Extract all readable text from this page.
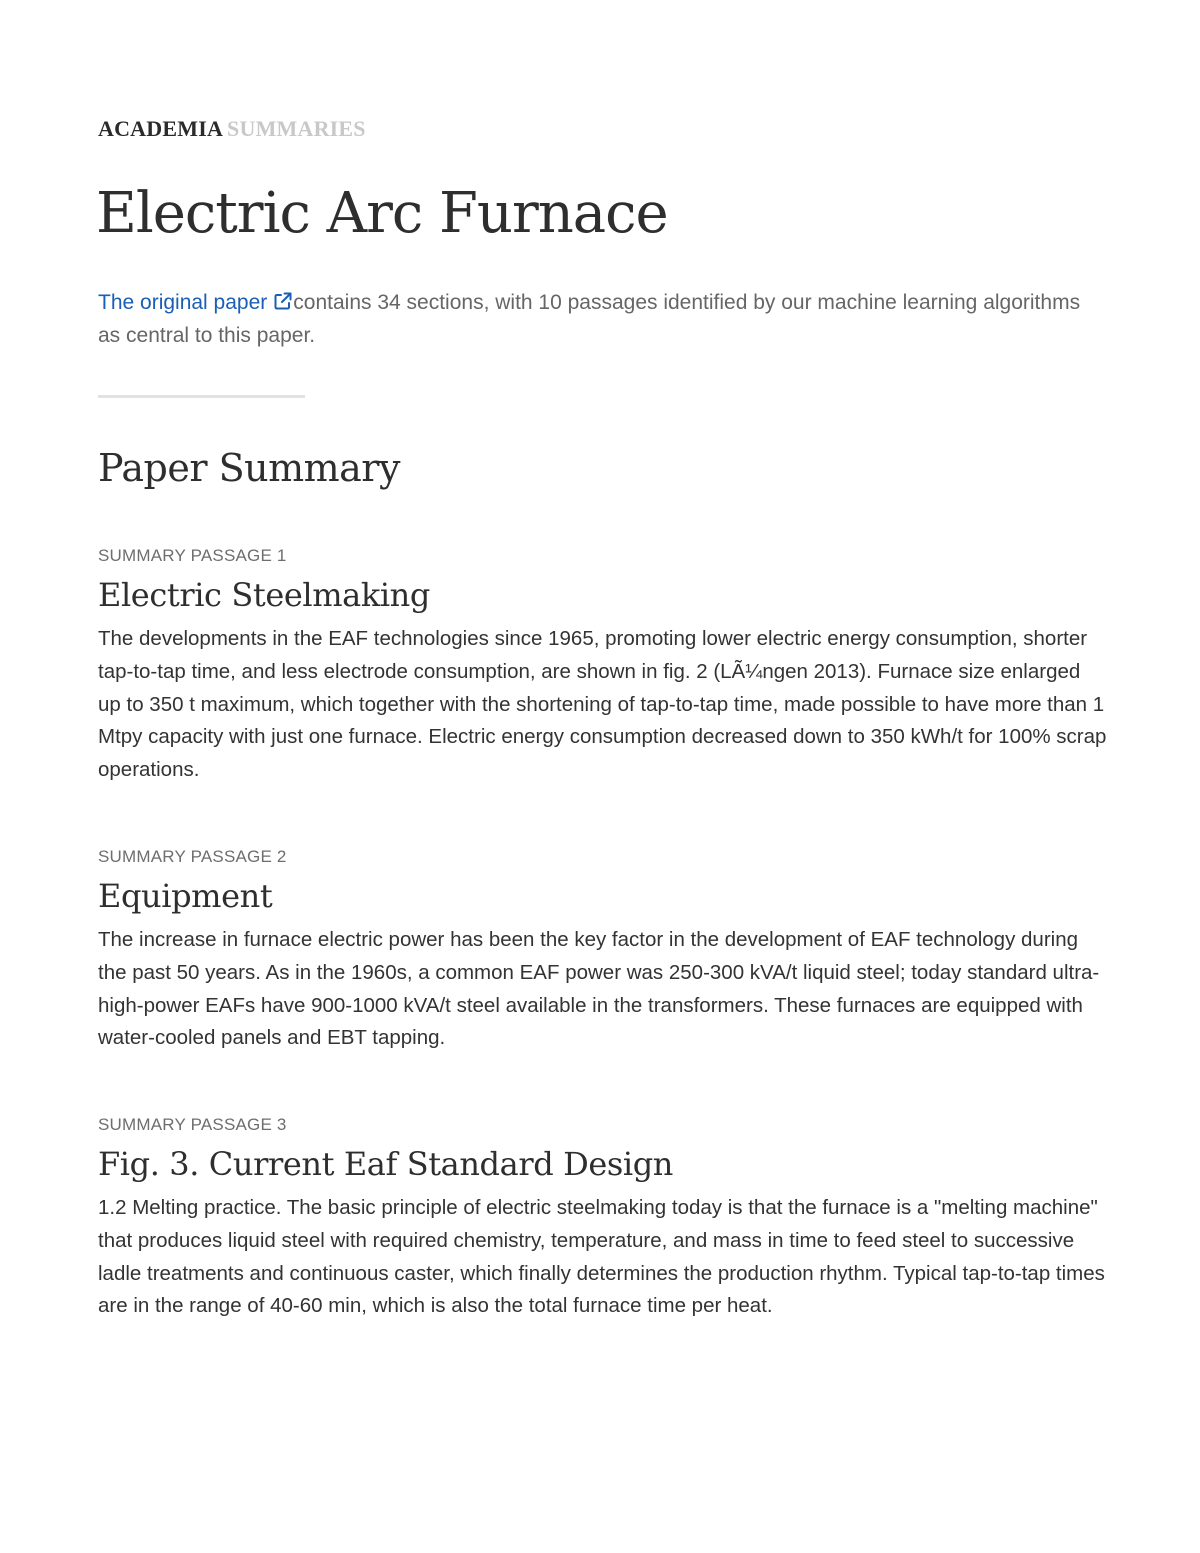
ACADEMIA SUMMARIES
Electric Arc Furnace

The original paper contains 34 sections, with 10 passages identified by our machine learning algorithms as central to this paper.

Paper Summary

SUMMARY PASSAGE 1

Electric Steelmaking

The developments in the EAF technologies since 1965, promoting lower electric energy consumption, shorter tap-to-tap time, and less electrode consumption, are shown in fig. 2 (LÃ¼ngen 2013). Furnace size enlarged up to 350 t maximum, which together with the shortening of tap-to-tap time, made possible to have more than 1 Mtpy capacity with just one furnace. Electric energy consumption decreased down to 350 kWh/t for 100% scrap operations.

SUMMARY PASSAGE 2

Equipment

The increase in furnace electric power has been the key factor in the development of EAF technology during the past 50 years. As in the 1960s, a common EAF power was 250-300 kVA/t liquid steel; today standard ultra-high-power EAFs have 900-1000 kVA/t steel available in the transformers. These furnaces are equipped with water-cooled panels and EBT tapping.

SUMMARY PASSAGE 3

Fig. 3. Current Eaf Standard Design

1.2 Melting practice. The basic principle of electric steelmaking today is that the furnace is a "melting machine" that produces liquid steel with required chemistry, temperature, and mass in time to feed steel to successive ladle treatments and continuous caster, which finally determines the production rhythm. Typical tap-to-tap times are in the range of 40-60 min, which is also the total furnace time per heat.
